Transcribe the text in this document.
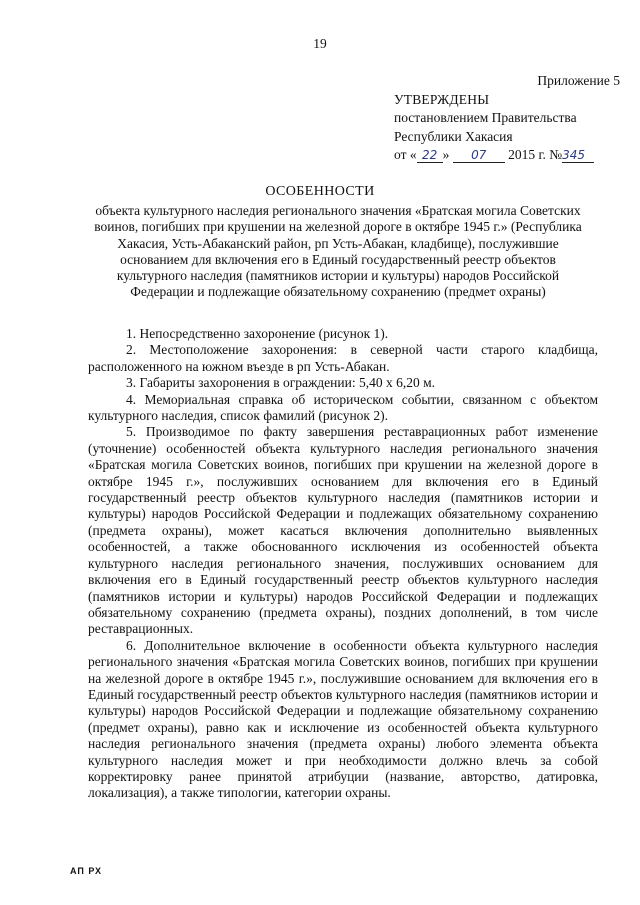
19
Приложение 5
УТВЕРЖДЕНЫ
постановлением Правительства
Республики Хакасия
от « 22 » 07 2015 г. №345
ОСОБЕННОСТИ
объекта культурного наследия регионального значения «Братская могила Советских воинов, погибших при крушении на железной дороге в октябре 1945 г.» (Республика Хакасия, Усть-Абаканский район, рп Усть-Абакан, кладбище), послужившие основанием для включения его в Единый государственный реестр объектов культурного наследия (памятников истории и культуры) народов Российской Федерации и подлежащие обязательному сохранению (предмет охраны)

1. Непосредственно захоронение (рисунок 1).

2. Местоположение захоронения: в северной части старого кладбища, расположенного на южном въезде в рп Усть-Абакан.

3. Габариты захоронения в ограждении: 5,40 х 6,20 м.

4. Мемориальная справка об историческом событии, связанном с объектом культурного наследия, список фамилий (рисунок 2).

5. Производимое по факту завершения реставрационных работ изменение (уточнение) особенностей объекта культурного наследия регионального значения «Братская могила Советских воинов, погибших при крушении на железной дороге в октябре 1945 г.», послуживших основанием для включения его в Единый государственный реестр объектов культурного наследия (памятников истории и культуры) народов Российской Федерации и подлежащих обязательному сохранению (предмета охраны), может касаться включения дополнительно выявленных особенностей, а также обоснованного исключения из особенностей объекта культурного наследия регионального значения, послуживших основанием для включения его в Единый государственный реестр объектов культурного наследия (памятников истории и культуры) народов Российской Федерации и подлежащих обязательному сохранению (предмета охраны), поздних дополнений, в том числе реставрационных.

6. Дополнительное включение в особенности объекта культурного наследия регионального значения «Братская могила Советских воинов, погибших при крушении на железной дороге в октябре 1945 г.», послужившие основанием для включения его в Единый государственный реестр объектов культурного наследия (памятников истории и культуры) народов Российской Федерации и подлежащие обязательному сохранению (предмет охраны), равно как и исключение из особенностей объекта культурного наследия регионального значения (предмета охраны) любого элемента объекта культурного наследия может и при необходимости должно влечь за собой корректировку ранее принятой атрибуции (название, авторство, датировка, локализация), а также типологии, категории охраны.

АП РХ
